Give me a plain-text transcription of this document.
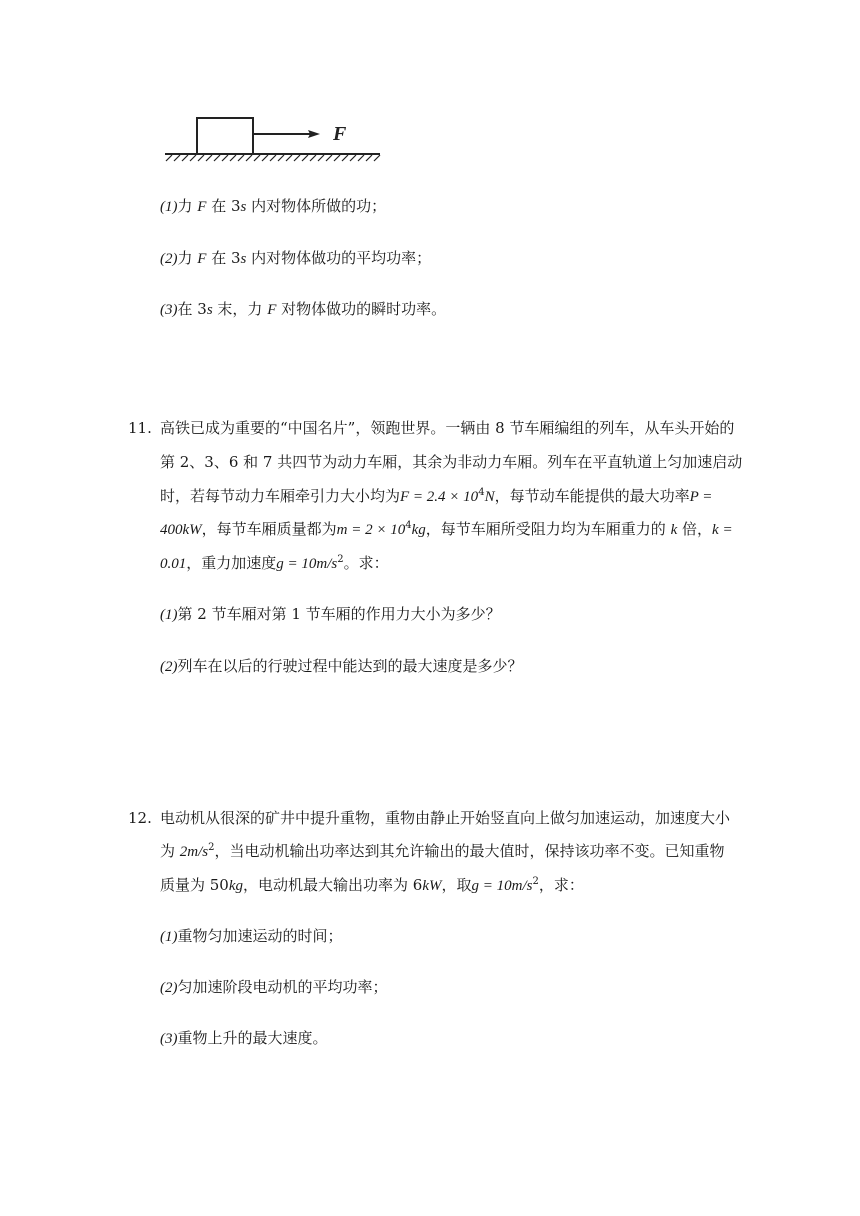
F
(1)力 F 在 3s 内对物体所做的功；
(2)力 F 在 3s 内对物体做功的平均功率；
(3)在 3s 末，力 F 对物体做功的瞬时功率。
11. 高铁已成为重要的“中国名片”，领跑世界。一辆由 8 节车厢编组的列车，从车头开始的
第 2、3、6 和 7 共四节为动力车厢，其余为非动力车厢。列车在平直轨道上匀加速启动
时，若每节动力车厢牵引力大小均为$F = 2.4 \times 10^4N$，每节动车能提供的最大功率P =
400kW，每节车厢质量都为$m = 2 \times 10^4kg$，每节车厢所受阻力均为车厢重力的 k 倍，k =
0.01，重力加速度$g = 10m/s^2$。求：
(1)第 2 节车厢对第 1 节车厢的作用力大小为多少？
(2)列车在以后的行驶过程中能达到的最大速度是多少？
12. 电动机从很深的矿井中提升重物，重物由静止开始竖直向上做匀加速运动，加速度大小
为 $2m/s^2$，当电动机输出功率达到其允许输出的最大值时，保持该功率不变。已知重物
质量为 50kg，电动机最大输出功率为 6kW，取$g = 10m/s^2$，求：
(1)重物匀加速运动的时间；
(2)匀加速阶段电动机的平均功率；
(3)重物上升的最大速度。
